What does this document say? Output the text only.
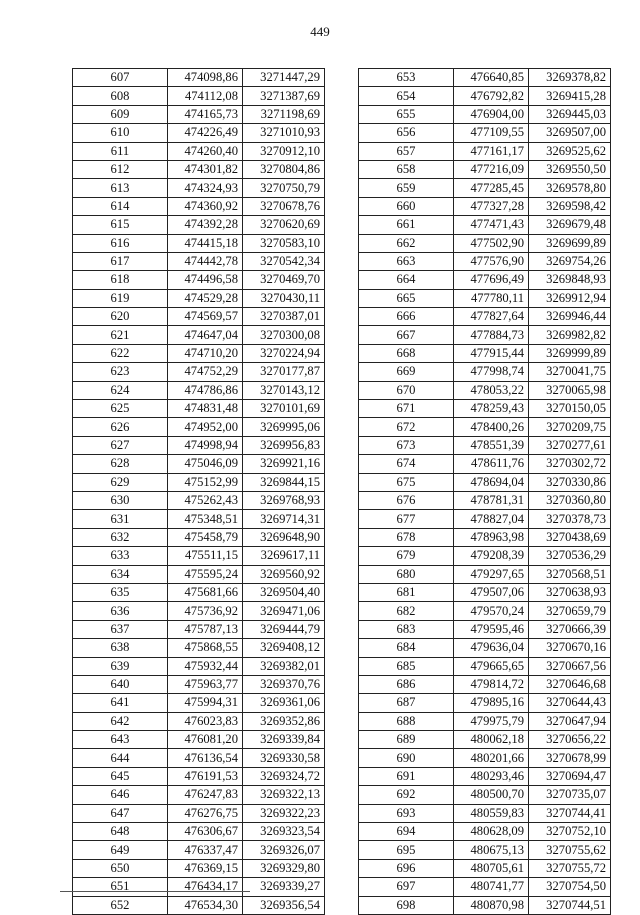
449
607	474098,86	3271447,29
608	474112,08	3271387,69
609	474165,73	3271198,69
610	474226,49	3271010,93
611	474260,40	3270912,10
612	474301,82	3270804,86
613	474324,93	3270750,79
614	474360,92	3270678,76
615	474392,28	3270620,69
616	474415,18	3270583,10
617	474442,78	3270542,34
618	474496,58	3270469,70
619	474529,28	3270430,11
620	474569,57	3270387,01
621	474647,04	3270300,08
622	474710,20	3270224,94
623	474752,29	3270177,87
624	474786,86	3270143,12
625	474831,48	3270101,69
626	474952,00	3269995,06
627	474998,94	3269956,83
628	475046,09	3269921,16
629	475152,99	3269844,15
630	475262,43	3269768,93
631	475348,51	3269714,31
632	475458,79	3269648,90
633	475511,15	3269617,11
634	475595,24	3269560,92
635	475681,66	3269504,40
636	475736,92	3269471,06
637	475787,13	3269444,79
638	475868,55	3269408,12
639	475932,44	3269382,01
640	475963,77	3269370,76
641	475994,31	3269361,06
642	476023,83	3269352,86
643	476081,20	3269339,84
644	476136,54	3269330,58
645	476191,53	3269324,72
646	476247,83	3269322,13
647	476276,75	3269322,23
648	476306,67	3269323,54
649	476337,47	3269326,07
650	476369,15	3269329,80
651	476434,17	3269339,27
652	476534,30	3269356,54
653	476640,85	3269378,82
654	476792,82	3269415,28
655	476904,00	3269445,03
656	477109,55	3269507,00
657	477161,17	3269525,62
658	477216,09	3269550,50
659	477285,45	3269578,80
660	477327,28	3269598,42
661	477471,43	3269679,48
662	477502,90	3269699,89
663	477576,90	3269754,26
664	477696,49	3269848,93
665	477780,11	3269912,94
666	477827,64	3269946,44
667	477884,73	3269982,82
668	477915,44	3269999,89
669	477998,74	3270041,75
670	478053,22	3270065,98
671	478259,43	3270150,05
672	478400,26	3270209,75
673	478551,39	3270277,61
674	478611,76	3270302,72
675	478694,04	3270330,86
676	478781,31	3270360,80
677	478827,04	3270378,73
678	478963,98	3270438,69
679	479208,39	3270536,29
680	479297,65	3270568,51
681	479507,06	3270638,93
682	479570,24	3270659,79
683	479595,46	3270666,39
684	479636,04	3270670,16
685	479665,65	3270667,56
686	479814,72	3270646,68
687	479895,16	3270644,43
688	479975,79	3270647,94
689	480062,18	3270656,22
690	480201,66	3270678,99
691	480293,46	3270694,47
692	480500,70	3270735,07
693	480559,83	3270744,41
694	480628,09	3270752,10
695	480675,13	3270755,62
696	480705,61	3270755,72
697	480741,77	3270754,50
698	480870,98	3270744,51
